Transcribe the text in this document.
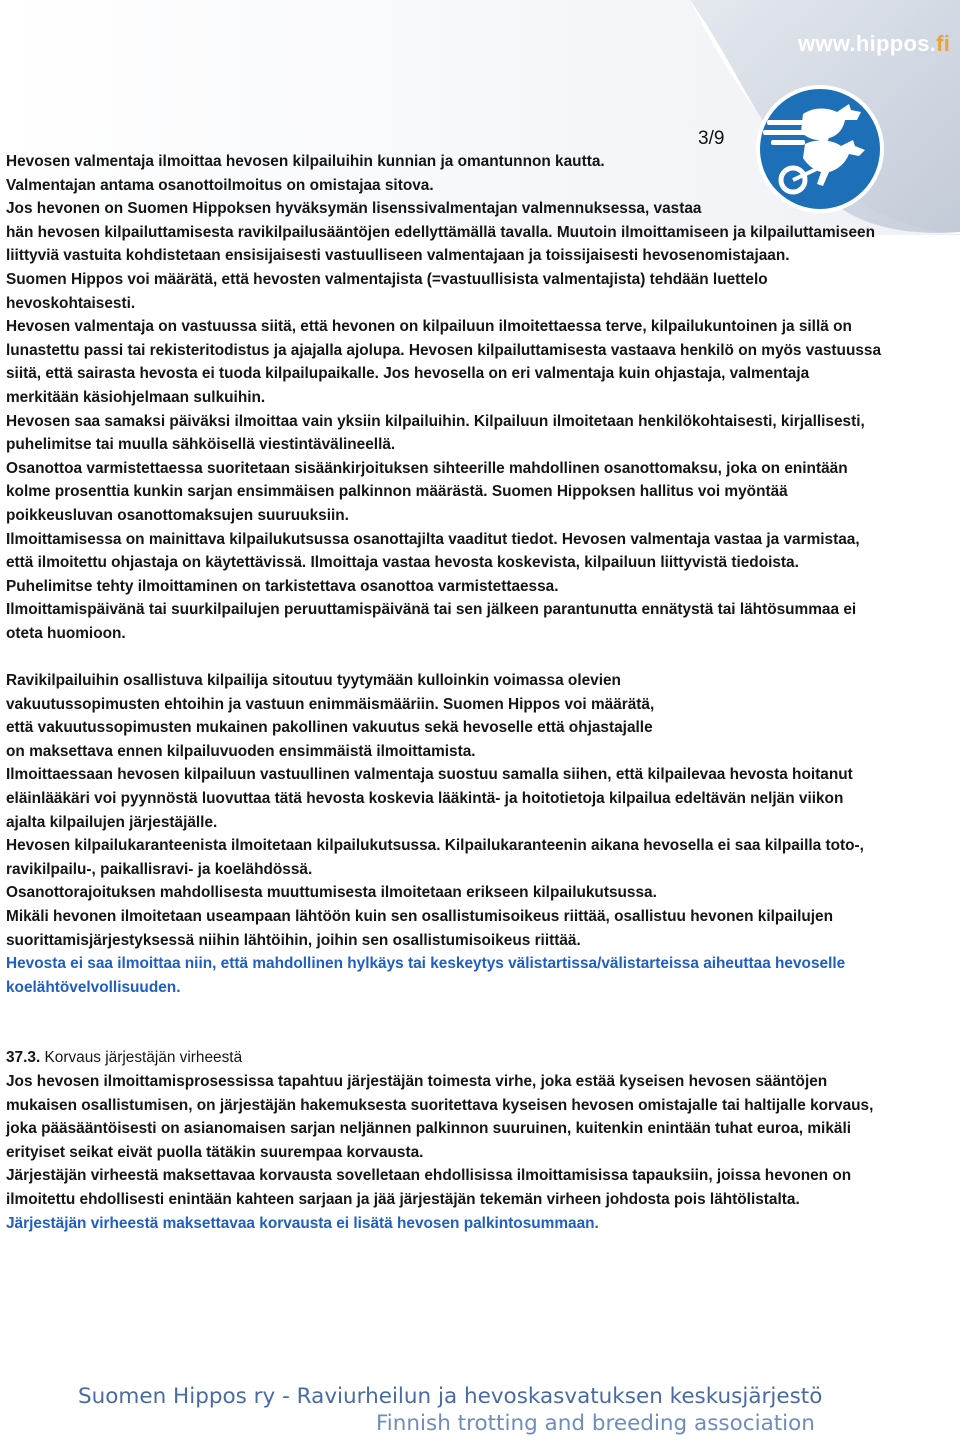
www.hippos.fi
3/9

Hevosen valmentaja ilmoittaa hevosen kilpailuihin kunnian ja omantunnon kautta.

Valmentajan antama osanottoilmoitus on omistajaa sitova.

Jos hevonen on Suomen Hippoksen hyväksymän lisenssivalmentajan valmennuksessa, vastaa

hän hevosen kilpailuttamisesta ravikilpailusääntöjen edellyttämällä tavalla. Muutoin ilmoittamiseen ja kilpailuttamiseen liittyviä vastuita kohdistetaan ensisijaisesti vastuulliseen valmentajaan ja toissijaisesti hevosenomistajaan.

Suomen Hippos voi määrätä, että hevosten valmentajista (=vastuullisista valmentajista) tehdään luettelo hevoskohtaisesti.

Hevosen valmentaja on vastuussa siitä, että hevonen on kilpailuun ilmoitettaessa terve, kilpailukuntoinen ja sillä on lunastettu passi tai rekisteritodistus ja ajajalla ajolupa. Hevosen kilpailuttamisesta vastaava henkilö on myös vastuussa siitä, että sairasta hevosta ei tuoda kilpailupaikalle. Jos hevosella on eri valmentaja kuin ohjastaja, valmentaja merkitään käsiohjelmaan sulkuihin.

Hevosen saa samaksi päiväksi ilmoittaa vain yksiin kilpailuihin. Kilpailuun ilmoitetaan henkilökohtaisesti, kirjallisesti, puhelimitse tai muulla sähköisellä viestintävälineellä.

Osanottoa varmistettaessa suoritetaan sisäänkirjoituksen sihteerille mahdollinen osanottomaksu, joka on enintään kolme prosenttia kunkin sarjan ensimmäisen palkinnon määrästä. Suomen Hippoksen hallitus voi myöntää poikkeusluvan osanottomaksujen suuruuksiin.

Ilmoittamisessa on mainittava kilpailukutsussa osanottajilta vaaditut tiedot. Hevosen valmentaja vastaa ja varmistaa, että ilmoitettu ohjastaja on käytettävissä. Ilmoittaja vastaa hevosta koskevista, kilpailuun liittyvistä tiedoista. Puhelimitse tehty ilmoittaminen on tarkistettava osanottoa varmistettaessa.

Ilmoittamispäivänä tai suurkilpailujen peruuttamispäivänä tai sen jälkeen parantunutta ennätystä tai lähtösummaa ei oteta huomioon.

Ravikilpailuihin osallistuva kilpailija sitoutuu tyytymään kulloinkin voimassa olevien

vakuutussopimusten ehtoihin ja vastuun enimmäismääriin. Suomen Hippos voi määrätä,

että vakuutussopimusten mukainen pakollinen vakuutus sekä hevoselle että ohjastajalle

on maksettava ennen kilpailuvuoden ensimmäistä ilmoittamista.

Ilmoittaessaan hevosen kilpailuun vastuullinen valmentaja suostuu samalla siihen, että kilpailevaa hevosta hoitanut eläinlääkäri voi pyynnöstä luovuttaa tätä hevosta koskevia lääkintä- ja hoitotietoja kilpailua edeltävän neljän viikon ajalta kilpailujen järjestäjälle.

Hevosen kilpailukaranteenista ilmoitetaan kilpailukutsussa. Kilpailukaranteenin aikana hevosella ei saa kilpailla toto-, ravikilpailu-, paikallisravi- ja koelähdössä.

Osanottorajoituksen mahdollisesta muuttumisesta ilmoitetaan erikseen kilpailukutsussa.

Mikäli hevonen ilmoitetaan useampaan lähtöön kuin sen osallistumisoikeus riittää, osallistuu hevonen kilpailujen suorittamisjärjestyksessä niihin lähtöihin, joihin sen osallistumisoikeus riittää.

Hevosta ei saa ilmoittaa niin, että mahdollinen hylkäys tai keskeytys välistartissa/välistarteissa aiheuttaa hevoselle koelähtövelvollisuuden.

37.3. Korvaus järjestäjän virheestä

Jos hevosen ilmoittamisprosessissa tapahtuu järjestäjän toimesta virhe, joka estää kyseisen hevosen sääntöjen mukaisen osallistumisen, on järjestäjän hakemuksesta suoritettava kyseisen hevosen omistajalle tai haltijalle korvaus, joka pääsääntöisesti on asianomaisen sarjan neljännen palkinnon suuruinen, kuitenkin enintään tuhat euroa, mikäli erityiset seikat eivät puolla tätäkin suurempaa korvausta.

Järjestäjän virheestä maksettavaa korvausta sovelletaan ehdollisissa ilmoittamisissa tapauksiin, joissa hevonen on ilmoitettu ehdollisesti enintään kahteen sarjaan ja jää järjestäjän tekemän virheen johdosta pois lähtölistalta.

Järjestäjän virheestä maksettavaa korvausta ei lisätä hevosen palkintosummaan.

Suomen Hippos ry - Raviurheilun ja hevoskasvatuksen keskusjärjestö
Finnish trotting and breeding association
